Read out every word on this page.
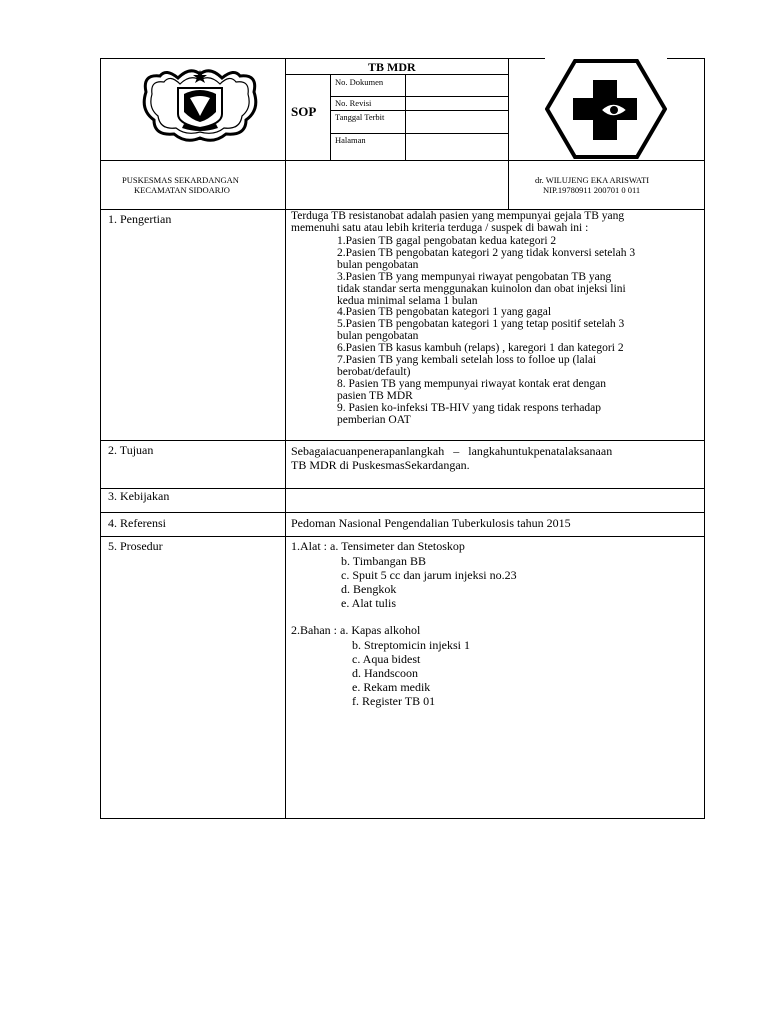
TB MDR
SOP
No. Dokumen
No. Revisi
Tanggal Terbit
Halaman
PUSKESMAS SEKARDANGAN
KECAMATAN SIDOARJO
dr. WILUJENG EKA ARISWATI
NIP.19780911 200701 0 011
1. Pengertian
2. Tujuan
3. Kebijakan
4. Referensi
5. Prosedur
Terduga TB resistanobat adalah pasien yang mempunyai gejala TB yang
memenuhi satu atau lebih kriteria terduga / suspek di bawah ini :
1.Pasien TB gagal pengobatan kedua kategori 2
2.Pasien TB pengobatan kategori 2 yang tidak konversi setelah 3
bulan pengobatan
3.Pasien TB yang mempunyai riwayat pengobatan TB yang
tidak standar serta menggunakan kuinolon dan obat injeksi lini
kedua minimal selama 1 bulan
4.Pasien TB pengobatan kategori 1 yang gagal
5.Pasien TB pengobatan kategori 1 yang tetap positif setelah 3
bulan pengobatan
6.Pasien TB kasus kambuh (relaps) , karegori 1 dan kategori 2
7.Pasien TB yang kembali setelah loss to folloe up (lalai
berobat/default)
8. Pasien TB yang mempunyai riwayat kontak erat dengan
pasien TB MDR
9. Pasien ko-infeksi TB-HIV yang tidak respons terhadap
pemberian OAT
Sebagaiacuanpenerapanlangkah   –   langkahuntukpenatalaksanaan
TB MDR di PuskesmasSekardangan.
Pedoman Nasional Pengendalian Tuberkulosis tahun 2015
1.Alat : a. Tensimeter dan Stetoskop
b. Timbangan BB
c. Spuit 5 cc dan jarum injeksi no.23
d. Bengkok
e. Alat tulis
2.Bahan : a. Kapas alkohol
b. Streptomicin injeksi 1
c. Aqua bidest
d. Handscoon
e. Rekam medik
f. Register TB 01
